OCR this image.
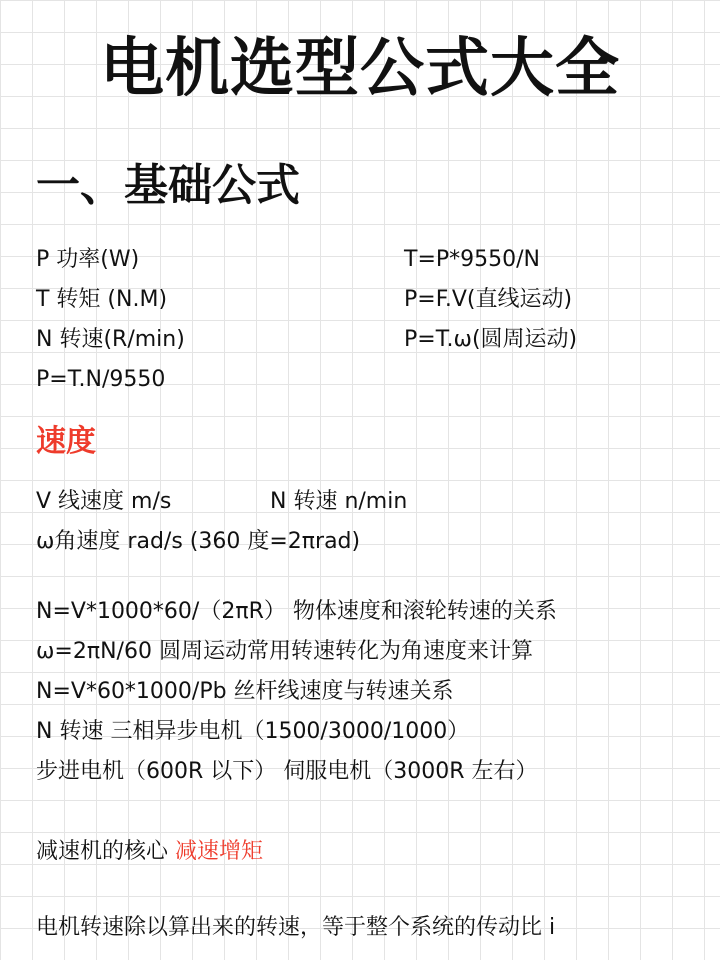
电机选型公式大全
一、基础公式
P 功率(W)
T 转矩 (N.M)
N 转速(R/min)
P=T.N/9550
T=P*9550/N
P=F.V(直线运动)
P=T.ω(圆周运动)
速度
V 线速度 m/s	N 转速 n/min
ω角速度 rad/s (360 度=2πrad)
N=V*1000*60/（2πR） 物体速度和滚轮转速的关系
ω=2πN/60 圆周运动常用转速转化为角速度来计算
N=V*60*1000/Pb 丝杆线速度与转速关系
N 转速 三相异步电机（1500/3000/1000）
步进电机（600R 以下） 伺服电机（3000R 左右）
减速机的核心 减速增矩
电机转速除以算出来的转速，等于整个系统的传动比 i
